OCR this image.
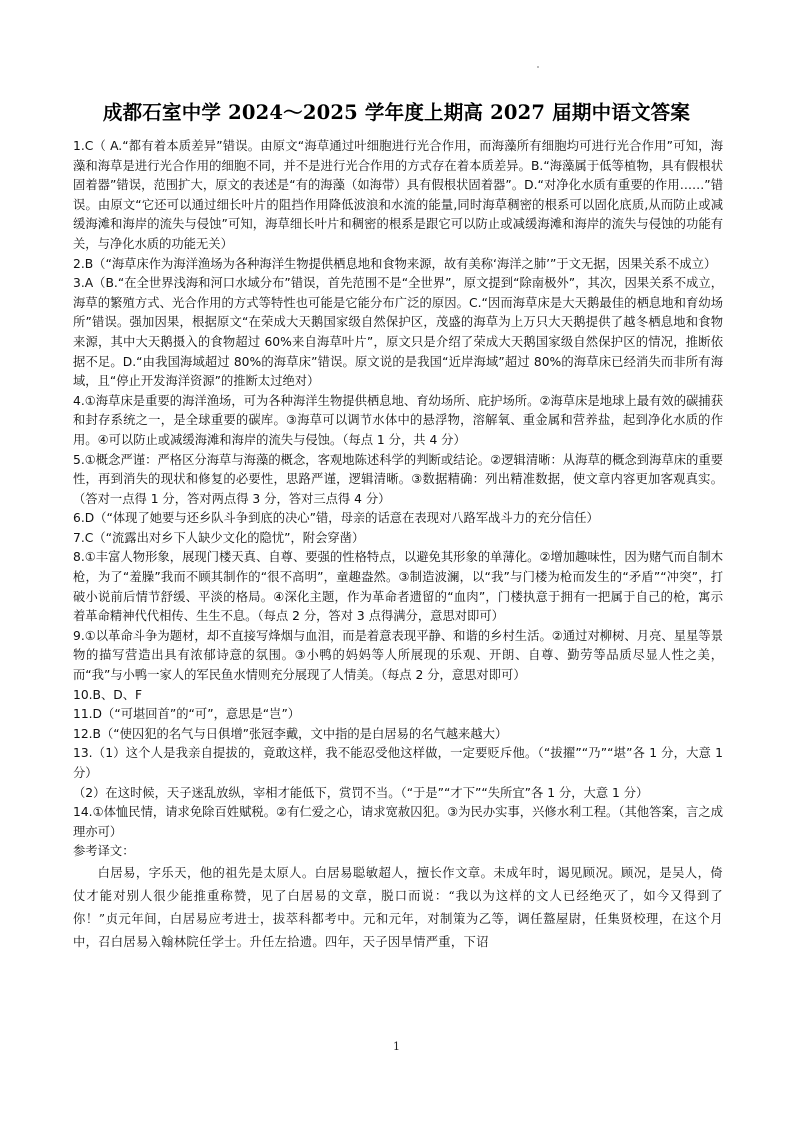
成都石室中学 2024～2025 学年度上期高 2027 届期中语文答案

1.C（ A.“都有着本质差异”错误。由原文“海草通过叶细胞进行光合作用，而海藻所有细胞均可进行光合作用”可知，海藻和海草是进行光合作用的细胞不同，并不是进行光合作用的方式存在着本质差异。B.“海藻属于低等植物，具有假根状固着器”错误，范围扩大，原文的表述是“有的海藻（如海带）具有假根状固着器”。D.“对净化水质有重要的作用……”错误。由原文“它还可以通过细长叶片的阻挡作用降低波浪和水流的能量,同时海草稠密的根系可以固化底质,从而防止或减缓海滩和海岸的流失与侵蚀”可知，海草细长叶片和稠密的根系是跟它可以防止或减缓海滩和海岸的流失与侵蚀的功能有关，与净化水质的功能无关）

2.B（“海草床作为海洋渔场为各种海洋生物提供栖息地和食物来源，故有美称‘海洋之肺’”于文无据，因果关系不成立）

3.A（B.“在全世界浅海和河口水域分布”错误，首先范围不是“全世界”，原文提到“除南极外”，其次，因果关系不成立，海草的繁殖方式、光合作用的方式等特性也可能是它能分布广泛的原因。C.“因而海草床是大天鹅最佳的栖息地和育幼场所”错误。强加因果，根据原文“在荣成大天鹅国家级自然保护区，茂盛的海草为上万只大天鹅提供了越冬栖息地和食物来源，其中大天鹅摄入的食物超过 60%来自海草叶片”，原文只是介绍了荣成大天鹅国家级自然保护区的情况，推断依据不足。D.“由我国海域超过 80%的海草床”错误。原文说的是我国“近岸海域”超过 80%的海草床已经消失而非所有海域，且“停止开发海洋资源”的推断太过绝对）

4.①海草床是重要的海洋渔场，可为各种海洋生物提供栖息地、育幼场所、庇护场所。②海草床是地球上最有效的碳捕获和封存系统之一，是全球重要的碳库。③海草可以调节水体中的悬浮物，溶解氧、重金属和营养盐，起到净化水质的作用。④可以防止或减缓海滩和海岸的流失与侵蚀。（每点 1 分，共 4 分）

5.①概念严谨：严格区分海草与海藻的概念，客观地陈述科学的判断或结论。②逻辑清晰：从海草的概念到海草床的重要性，再到消失的现状和修复的必要性，思路严谨，逻辑清晰。③数据精确：列出精准数据，使文章内容更加客观真实。（答对一点得 1 分，答对两点得 3 分，答对三点得 4 分）

6.D（“体现了她要与还乡队斗争到底的决心”错，母亲的话意在表现对八路军战斗力的充分信任）

7.C（“流露出对乡下人缺少文化的隐忧”，附会穿凿）

8.①丰富人物形象，展现门楼天真、自尊、要强的性格特点，以避免其形象的单薄化。②增加趣味性，因为赌气而自制木枪，为了“羞臊”我而不顾其制作的“很不高明”，童趣盎然。③制造波澜，以“我”与门楼为枪而发生的“矛盾”“冲突”，打破小说前后情节舒缓、平淡的格局。④深化主题，作为革命者遗留的“血肉”，门楼执意于拥有一把属于自己的枪，寓示着革命精神代代相传、生生不息。（每点 2 分，答对 3 点得满分，意思对即可）

9.①以革命斗争为题材，却不直接写烽烟与血泪，而是着意表现平静、和谐的乡村生活。②通过对柳树、月亮、星星等景物的描写营造出具有浓郁诗意的氛围。③小鸭的妈妈等人所展现的乐观、开朗、自尊、勤劳等品质尽显人性之美，而“我”与小鸭一家人的军民鱼水情则充分展现了人情美。（每点 2 分，意思对即可）

10.B、D、F

11.D（“可堪回首”的“可”，意思是“岂”）

12.B（“使囚犯的名气与日俱增”张冠李戴，文中指的是白居易的名气越来越大）

13.（1）这个人是我亲自提拔的，竟敢这样，我不能忍受他这样做，一定要贬斥他。（“拔擢”“乃”“堪”各 1 分，大意 1 分）

（2）在这时候，天子迷乱放纵，宰相才能低下，赏罚不当。（“于是”“才下”“失所宜”各 1 分，大意 1 分）

14.①体恤民情，请求免除百姓赋税。②有仁爱之心，请求宽赦囚犯。③为民办实事，兴修水利工程。（其他答案，言之成理亦可）

参考译文：

白居易，字乐天，他的祖先是太原人。白居易聪敏超人，擅长作文章。未成年时，谒见顾况。顾况，是吴人，倚仗才能对别人很少能推重称赞，见了白居易的文章，脱口而说：“我以为这样的文人已经绝灭了，如今又得到了你！”贞元年间，白居易应考进士，拔萃科都考中。元和元年，对制策为乙等，调任盩屋尉，任集贤校理，在这个月中，召白居易入翰林院任学士。升任左拾遗。四年，天子因旱情严重，下诏

1
